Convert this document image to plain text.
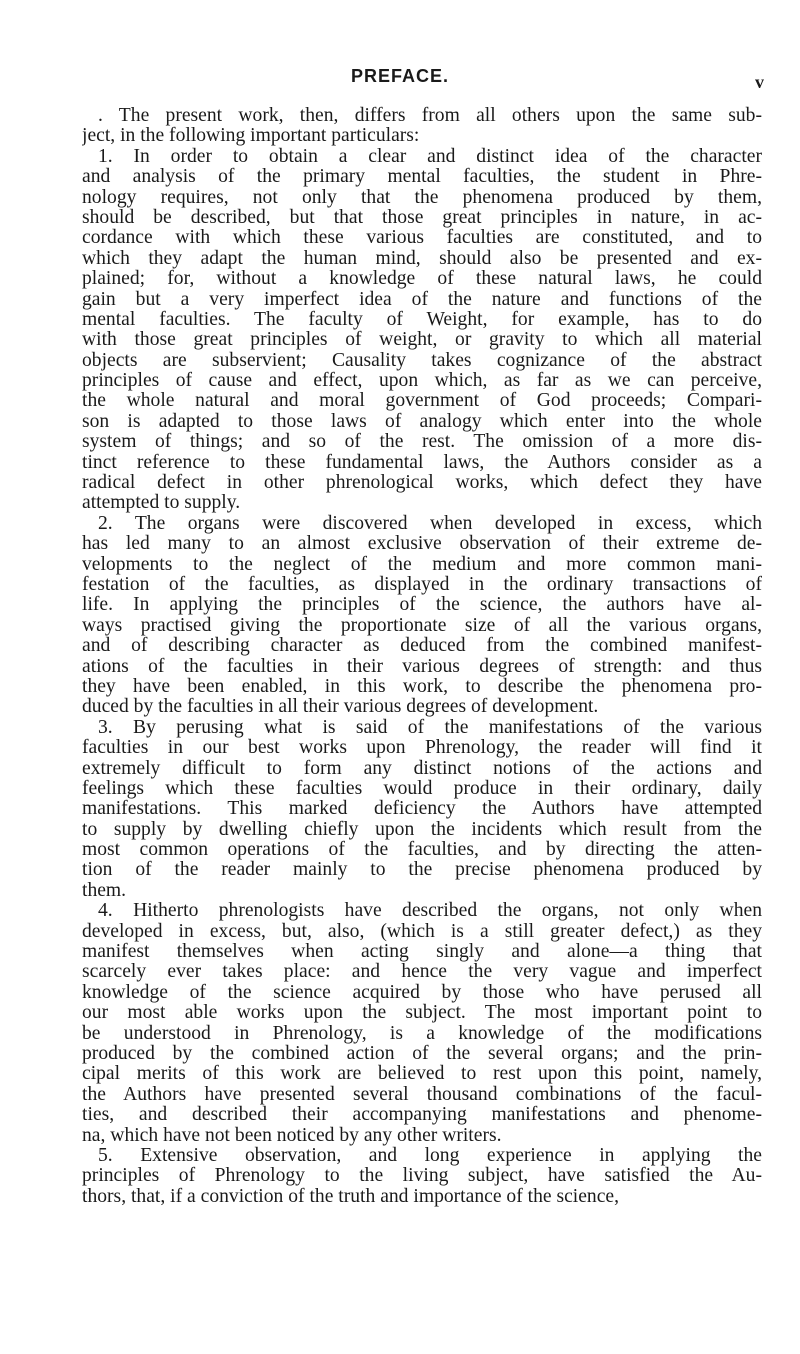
PREFACE.	v
. The present work, then, differs from all others upon the same sub-
ject, in the following important particulars:
1. In order to obtain a clear and distinct idea of the character
and analysis of the primary mental faculties, the student in Phre-
nology requires, not only that the phenomena produced by them,
should be described, but that those great principles in nature, in ac-
cordance with which these various faculties are constituted, and to
which they adapt the human mind, should also be presented and ex-
plained; for, without a knowledge of these natural laws, he could
gain but a very imperfect idea of the nature and functions of the
mental faculties. The faculty of Weight, for example, has to do
with those great principles of weight, or gravity to which all material
objects are subservient; Causality takes cognizance of the abstract
principles of cause and effect, upon which, as far as we can perceive,
the whole natural and moral government of God proceeds; Compari-
son is adapted to those laws of analogy which enter into the whole
system of things; and so of the rest. The omission of a more dis-
tinct reference to these fundamental laws, the Authors consider as a
radical defect in other phrenological works, which defect they have
attempted to supply.
2. The organs were discovered when developed in excess, which
has led many to an almost exclusive observation of their extreme de-
velopments to the neglect of the medium and more common mani-
festation of the faculties, as displayed in the ordinary transactions of
life. In applying the principles of the science, the authors have al-
ways practised giving the proportionate size of all the various organs,
and of describing character as deduced from the combined manifest-
ations of the faculties in their various degrees of strength: and thus
they have been enabled, in this work, to describe the phenomena pro-
duced by the faculties in all their various degrees of development.
3. By perusing what is said of the manifestations of the various
faculties in our best works upon Phrenology, the reader will find it
extremely difficult to form any distinct notions of the actions and
feelings which these faculties would produce in their ordinary, daily
manifestations. This marked deficiency the Authors have attempted
to supply by dwelling chiefly upon the incidents which result from the
most common operations of the faculties, and by directing the atten-
tion of the reader mainly to the precise phenomena produced by
them.
4. Hitherto phrenologists have described the organs, not only when
developed in excess, but, also, (which is a still greater defect,) as they
manifest themselves when acting singly and alone—a thing that
scarcely ever takes place: and hence the very vague and imperfect
knowledge of the science acquired by those who have perused all
our most able works upon the subject. The most important point to
be understood in Phrenology, is a knowledge of the modifications
produced by the combined action of the several organs; and the prin-
cipal merits of this work are believed to rest upon this point, namely,
the Authors have presented several thousand combinations of the facul-
ties, and described their accompanying manifestations and phenome-
na, which have not been noticed by any other writers.
5. Extensive observation, and long experience in applying the
principles of Phrenology to the living subject, have satisfied the Au-
thors, that, if a conviction of the truth and importance of the science,
